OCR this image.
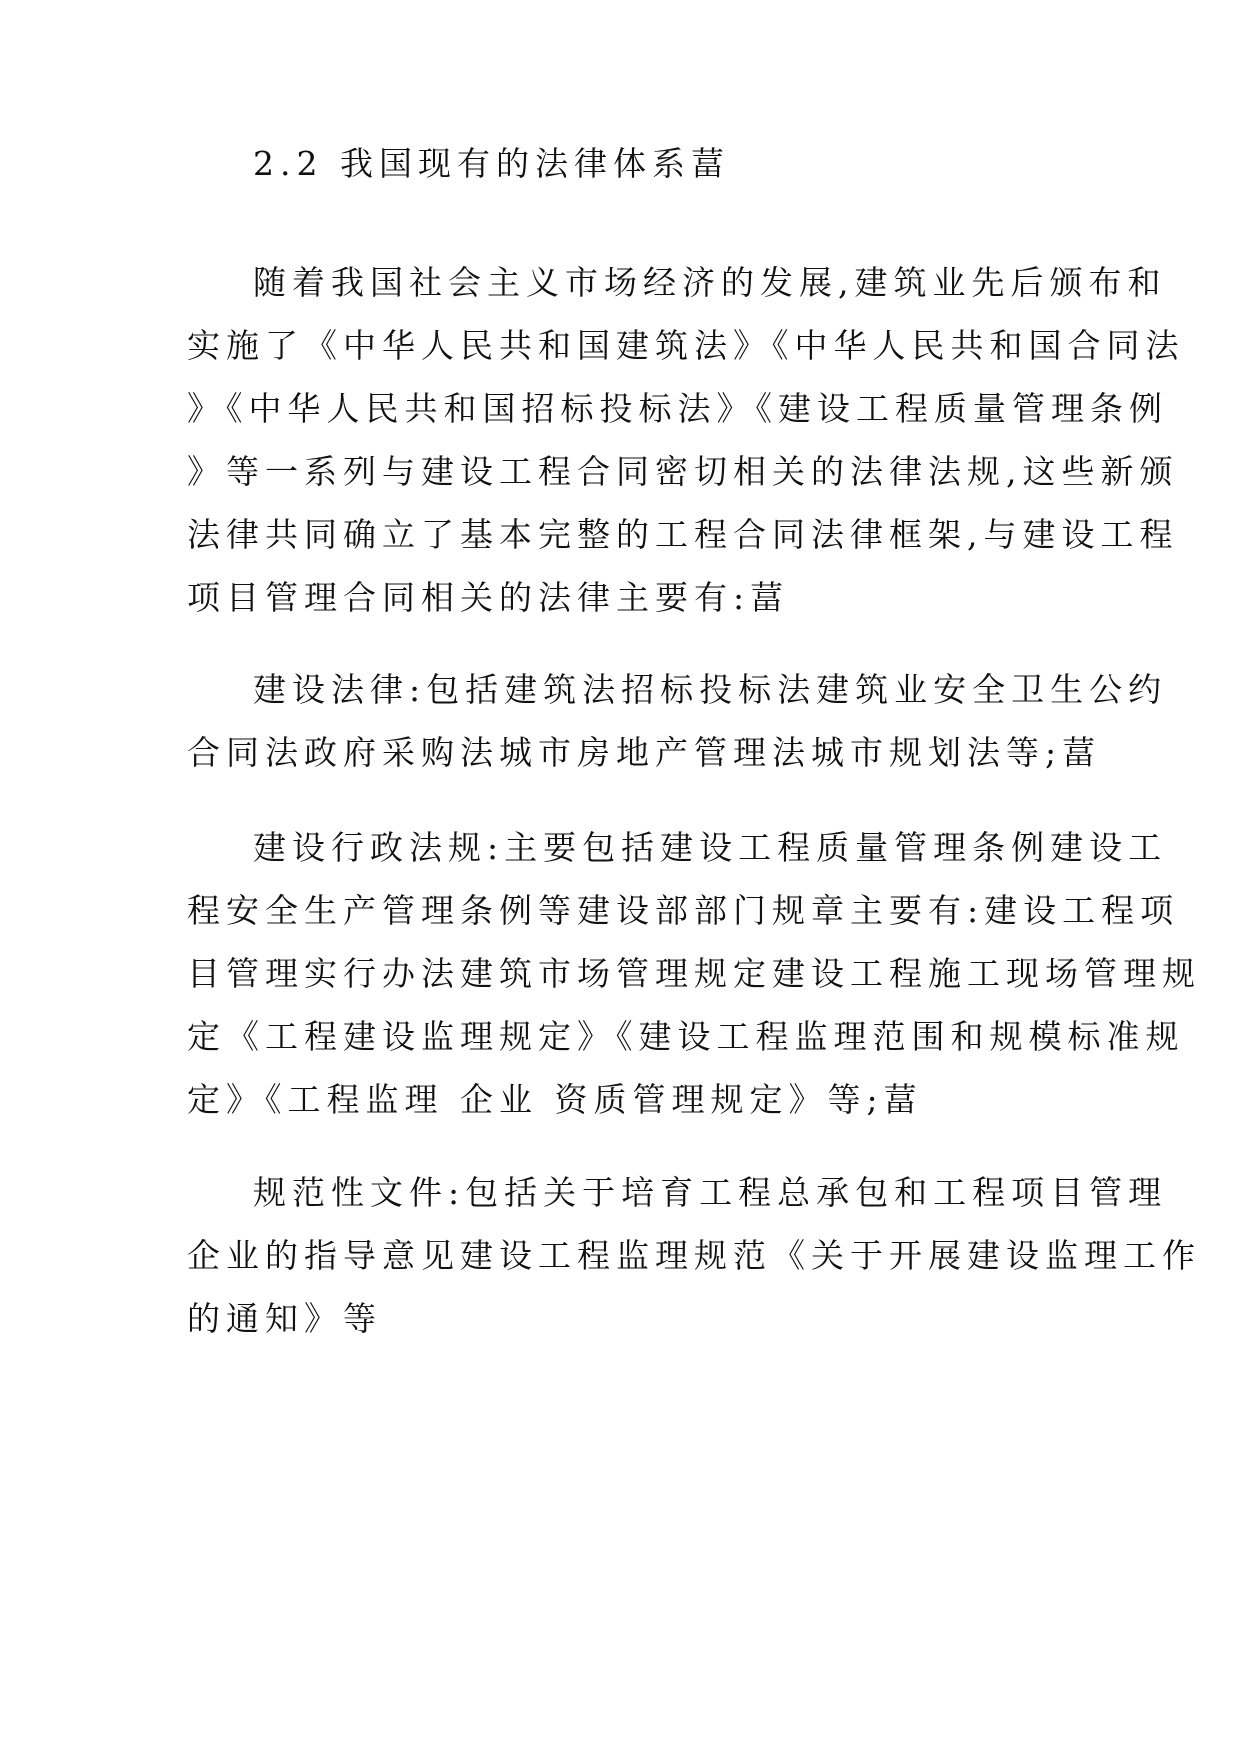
2.2 我国现有的法律体系葍
随着我国社会主义市场经济的发展,建筑业先后颁布和
实施了《中华人民共和国建筑法》《中华人民共和国合同法
》《中华人民共和国招标投标法》《建设工程质量管理条例
》等一系列与建设工程合同密切相关的法律法规,这些新颁
法律共同确立了基本完整的工程合同法律框架,与建设工程
项目管理合同相关的法律主要有:葍
建设法律:包括建筑法招标投标法建筑业安全卫生公约
合同法政府采购法城市房地产管理法城市规划法等;葍
建设行政法规:主要包括建设工程质量管理条例建设工
程安全生产管理条例等建设部部门规章主要有:建设工程项
目管理实行办法建筑市场管理规定建设工程施工现场管理规
定《工程建设监理规定》《建设工程监理范围和规模标准规
定》《工程监理 企业 资质管理规定》等;葍
规范性文件:包括关于培育工程总承包和工程项目管理
企业的指导意见建设工程监理规范《关于开展建设监理工作
的通知》等
